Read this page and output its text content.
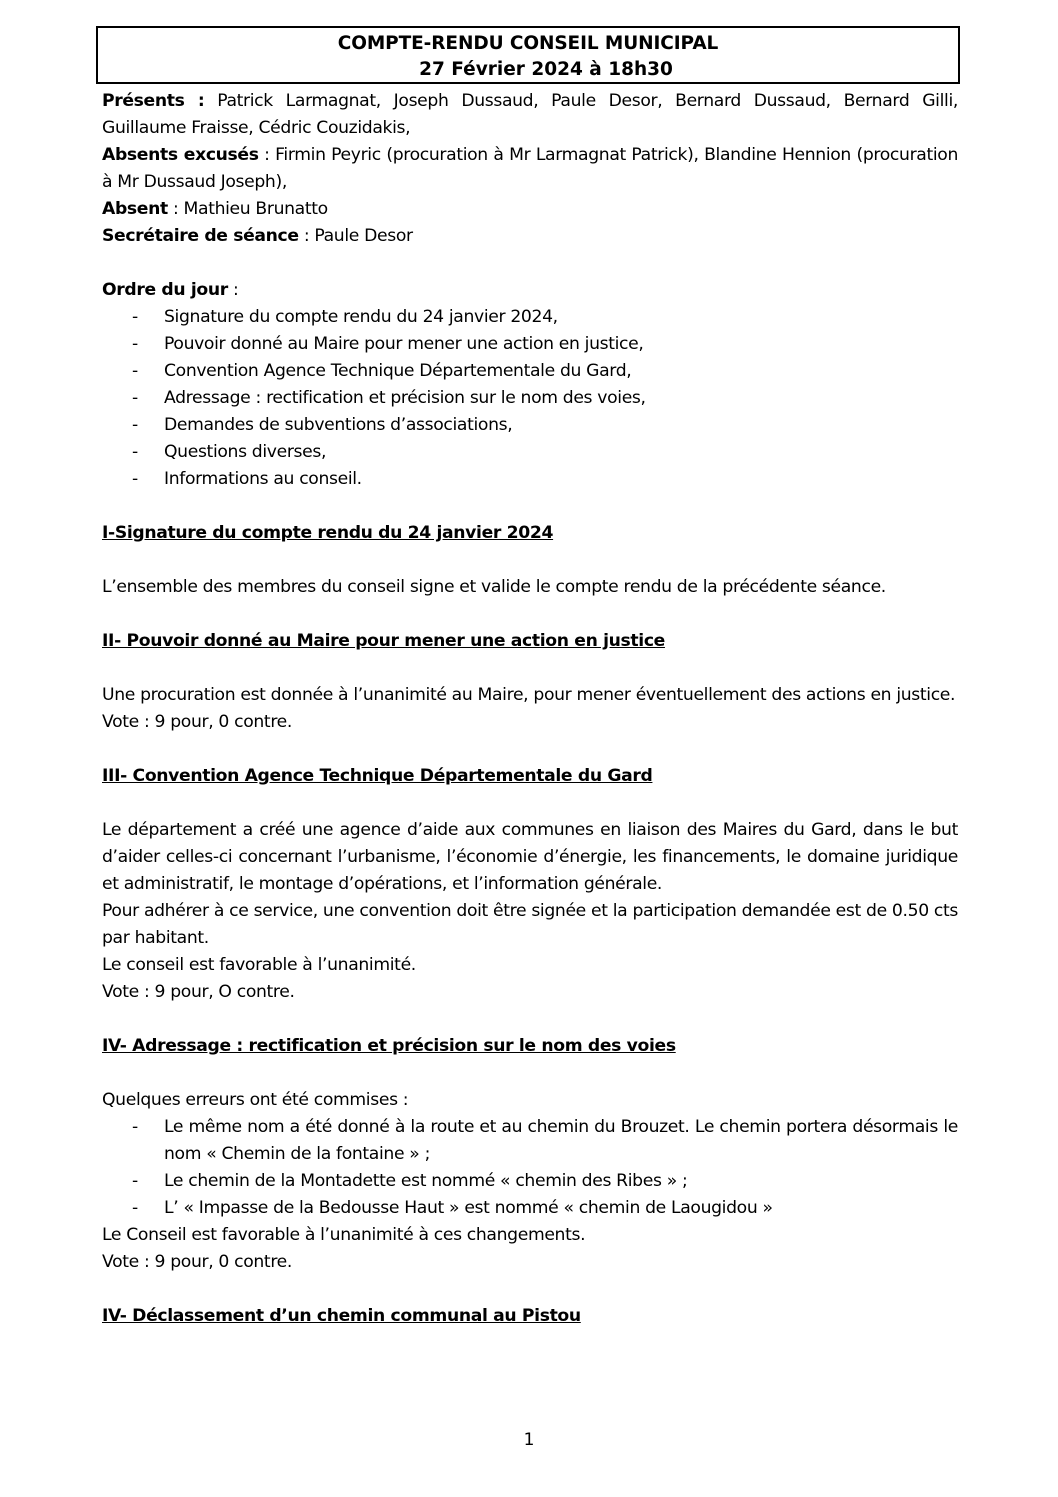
COMPTE-RENDU CONSEIL MUNICIPAL
27 Février 2024 à 18h30

Présents : Patrick Larmagnat, Joseph Dussaud, Paule Desor, Bernard Dussaud, Bernard Gilli, Guillaume Fraisse, Cédric Couzidakis,

Absents excusés : Firmin Peyric (procuration à Mr Larmagnat Patrick), Blandine Hennion (procuration à Mr Dussaud Joseph),

Absent : Mathieu Brunatto

Secrétaire de séance : Paule Desor

Ordre du jour :

- Signature du compte rendu du 24 janvier 2024,
- Pouvoir donné au Maire pour mener une action en justice,
- Convention Agence Technique Départementale du Gard,
- Adressage : rectification et précision sur le nom des voies,
- Demandes de subventions d’associations,
- Questions diverses,
- Informations au conseil.

I-Signature du compte rendu du 24 janvier 2024

L’ensemble des membres du conseil signe et valide le compte rendu de la précédente séance.

II- Pouvoir donné au Maire pour mener une action en justice

Une procuration est donnée à l’unanimité au Maire, pour mener éventuellement des actions en justice.

Vote : 9 pour, 0 contre.

III- Convention Agence Technique Départementale du Gard

Le département a créé une agence d’aide aux communes en liaison des Maires du Gard, dans le but d’aider celles-ci concernant l’urbanisme, l’économie d’énergie, les financements, le domaine juridique et administratif, le montage d’opérations, et l’information générale.

Pour adhérer à ce service, une convention doit être signée et la participation demandée est de 0.50 cts par habitant.

Le conseil est favorable à l’unanimité.

Vote : 9 pour, O contre.

IV- Adressage : rectification et précision sur le nom des voies

Quelques erreurs ont été commises :

- Le même nom a été donné à la route et au chemin du Brouzet. Le chemin portera désormais le nom « Chemin de la fontaine » ;
- Le chemin de la Montadette est nommé « chemin des Ribes » ;
- L’ « Impasse de la Bedousse Haut » est nommé « chemin de Laougidou »

Le Conseil est favorable à l’unanimité à ces changements.

Vote : 9 pour, 0 contre.

IV- Déclassement d’un chemin communal au Pistou

1
